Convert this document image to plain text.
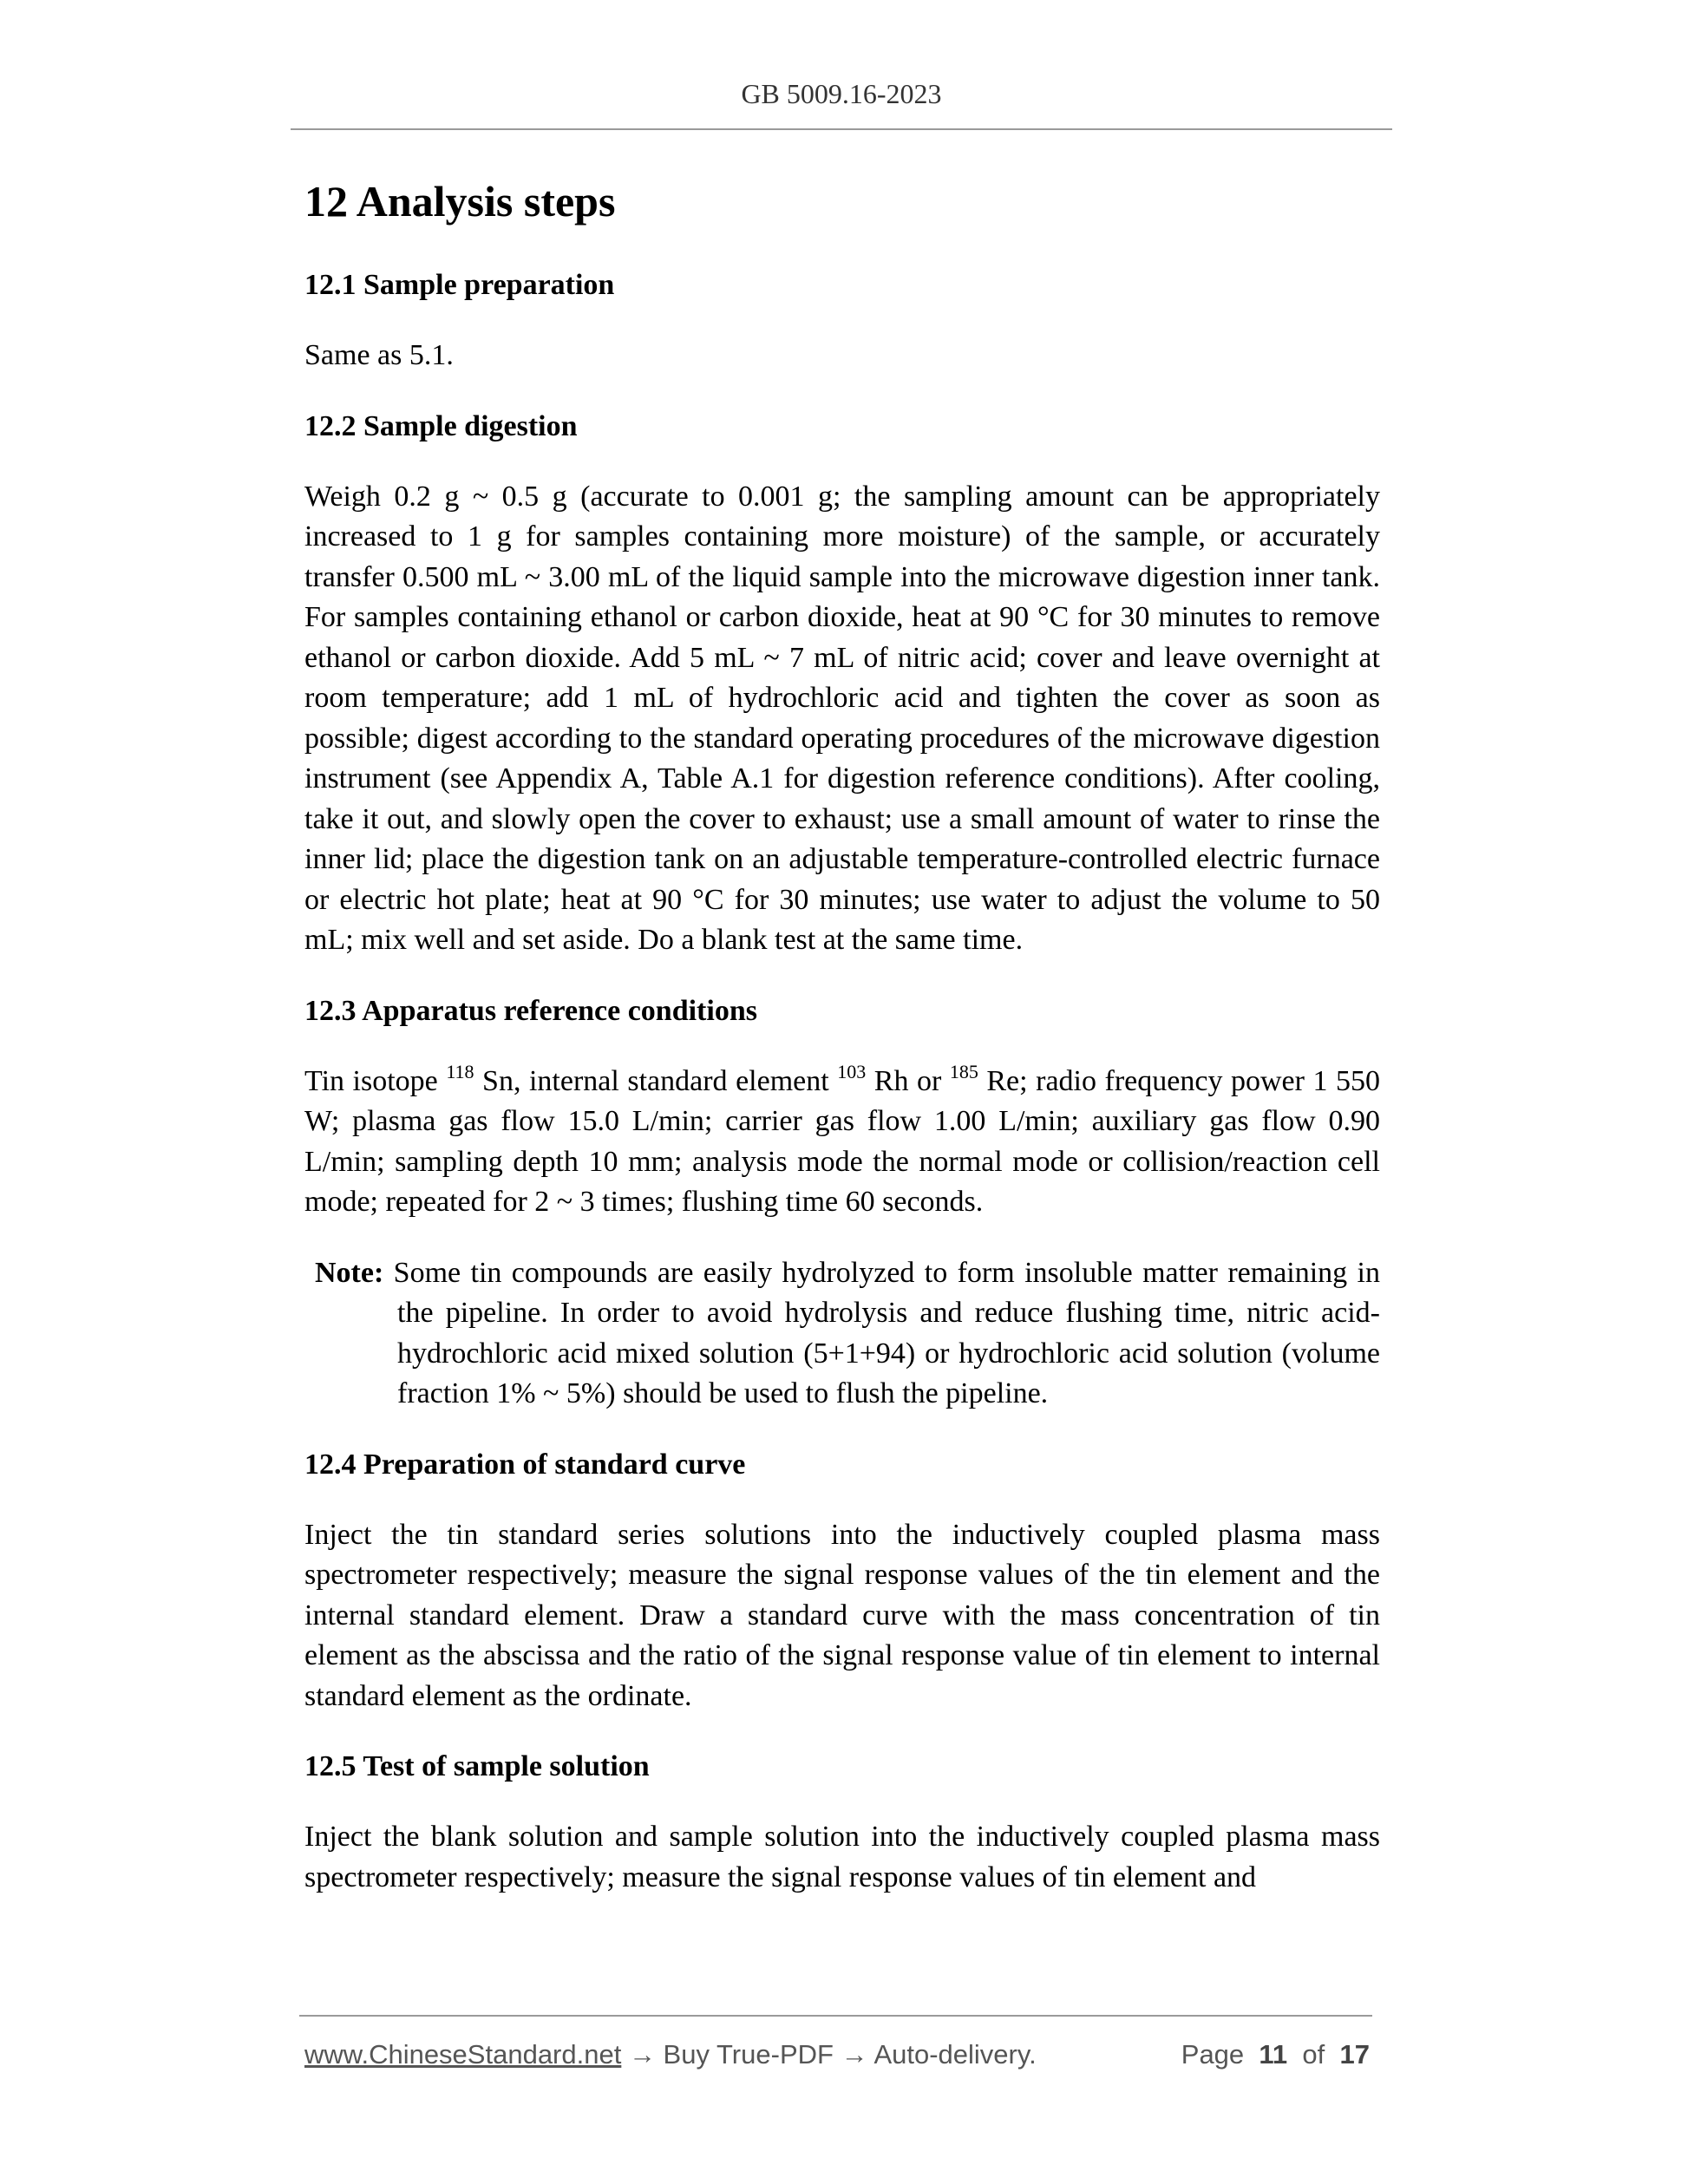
GB 5009.16-2023
12 Analysis steps
12.1 Sample preparation

Same as 5.1.

12.2 Sample digestion

Weigh 0.2 g ~ 0.5 g (accurate to 0.001 g; the sampling amount can be appropriately increased to 1 g for samples containing more moisture) of the sample, or accurately transfer 0.500 mL ~ 3.00 mL of the liquid sample into the microwave digestion inner tank. For samples containing ethanol or carbon dioxide, heat at 90 °C for 30 minutes to remove ethanol or carbon dioxide. Add 5 mL ~ 7 mL of nitric acid; cover and leave overnight at room temperature; add 1 mL of hydrochloric acid and tighten the cover as soon as possible; digest according to the standard operating procedures of the microwave digestion instrument (see Appendix A, Table A.1 for digestion reference conditions). After cooling, take it out, and slowly open the cover to exhaust; use a small amount of water to rinse the inner lid; place the digestion tank on an adjustable temperature-controlled electric furnace or electric hot plate; heat at 90 °C for 30 minutes; use water to adjust the volume to 50 mL; mix well and set aside. Do a blank test at the same time.

12.3 Apparatus reference conditions

Tin isotope $^{118}$ Sn, internal standard element $^{103}$ Rh or $^{185}$ Re; radio frequency power 1 550 W; plasma gas flow 15.0 L/min; carrier gas flow 1.00 L/min; auxiliary gas flow 0.90 L/min; sampling depth 10 mm; analysis mode the normal mode or collision/reaction cell mode; repeated for 2 ~ 3 times; flushing time 60 seconds.

Note: Some tin compounds are easily hydrolyzed to form insoluble matter remaining in the pipeline. In order to avoid hydrolysis and reduce flushing time, nitric acid-hydrochloric acid mixed solution (5+1+94) or hydrochloric acid solution (volume fraction 1% ~ 5%) should be used to flush the pipeline.

12.4 Preparation of standard curve

Inject the tin standard series solutions into the inductively coupled plasma mass spectrometer respectively; measure the signal response values of the tin element and the internal standard element. Draw a standard curve with the mass concentration of tin element as the abscissa and the ratio of the signal response value of tin element to internal standard element as the ordinate.

12.5 Test of sample solution

Inject the blank solution and sample solution into the inductively coupled plasma mass spectrometer respectively; measure the signal response values of tin element and

www.ChineseStandard.net → Buy True-PDF → Auto-delivery.	Page 11 of 17
